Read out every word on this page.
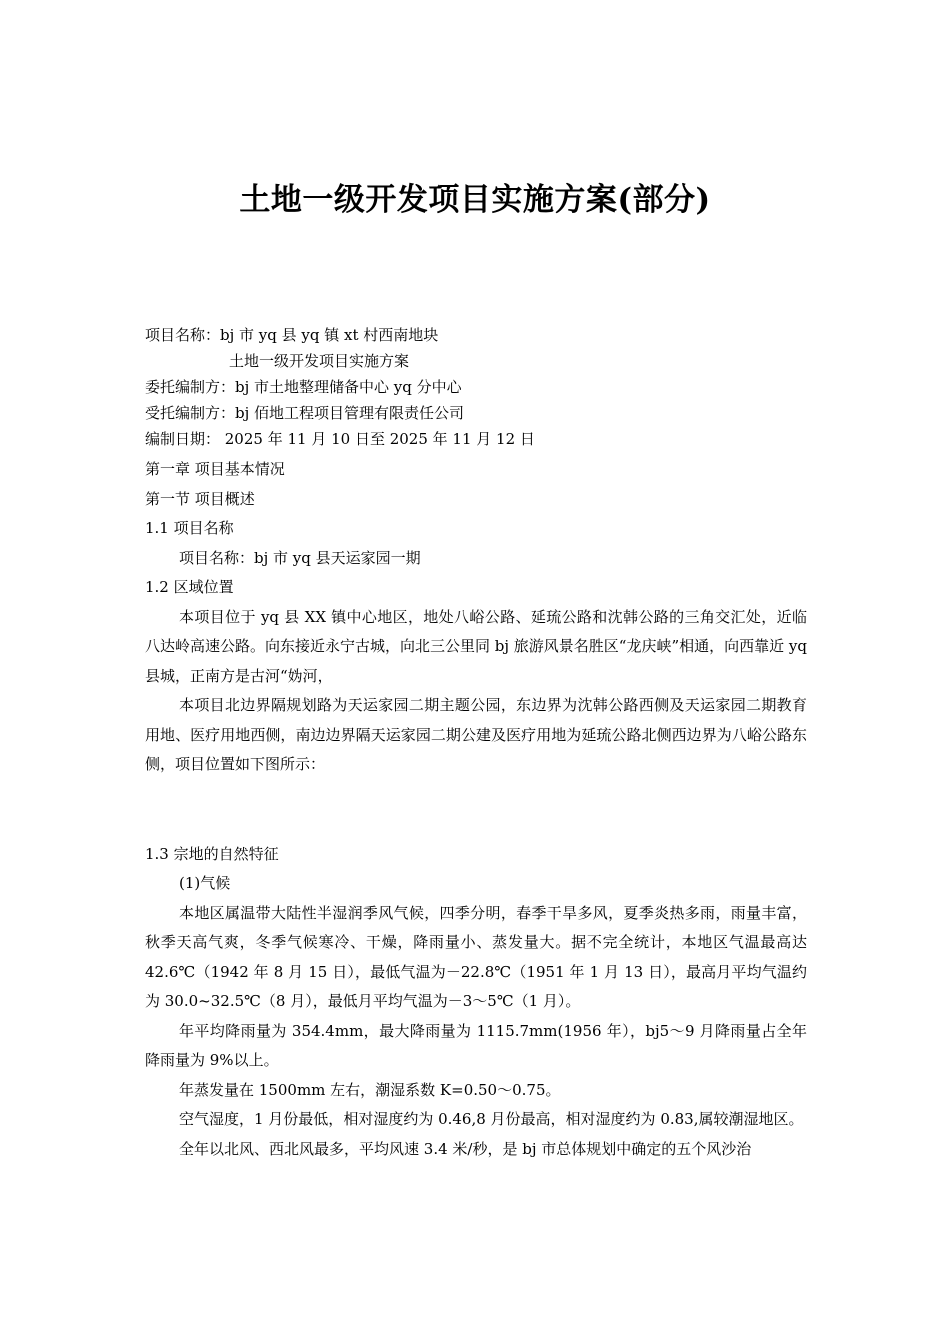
土地一级开发项目实施方案(部分)
项目名称：bj 市 yq 县 yq 镇 xt 村西南地块
土地一级开发项目实施方案
委托编制方：bj 市土地整理储备中心 yq 分中心
受托编制方：bj 佰地工程项目管理有限责任公司
编制日期： 2025 年 11 月 10 日至 2025 年 11 月 12 日

第一章 项目基本情况

第一节 项目概述

1.1 项目名称

项目名称：bj 市 yq 县天运家园一期

1.2 区域位置

本项目位于 yq 县 XX 镇中心地区，地处八峪公路、延琉公路和沈韩公路的三角交汇处，近临八达岭高速公路。向东接近永宁古城，向北三公里同 bj 旅游风景名胜区“龙庆峡”相通，向西靠近 yq 县城，正南方是古河“妫河，

本项目北边界隔规划路为天运家园二期主题公园，东边界为沈韩公路西侧及天运家园二期教育用地、医疗用地西侧，南边边界隔天运家园二期公建及医疗用地为延琉公路北侧西边界为八峪公路东侧，项目位置如下图所示：

1.3 宗地的自然特征

(1)气候

本地区属温带大陆性半湿润季风气候，四季分明，春季干旱多风，夏季炎热多雨，雨量丰富，秋季天高气爽，冬季气候寒冷、干燥，降雨量小、蒸发量大。据不完全统计，本地区气温最高达 42.6℃（1942 年 8 月 15 日），最低气温为－22.8℃（1951 年 1 月 13 日），最高月平均气温约为 30.0~32.5℃（8 月），最低月平均气温为－3～5℃（1 月）。

年平均降雨量为 354.4mm，最大降雨量为 1115.7mm(1956 年），bj5～9 月降雨量占全年降雨量为 9%以上。

年蒸发量在 1500mm 左右，潮湿系数 K=0.50～0.75。

空气湿度，1 月份最低，相对湿度约为 0.46,8 月份最高，相对湿度约为 0.83,属较潮湿地区。

全年以北风、西北风最多，平均风速 3.4 米/秒，是 bj 市总体规划中确定的五个风沙治
